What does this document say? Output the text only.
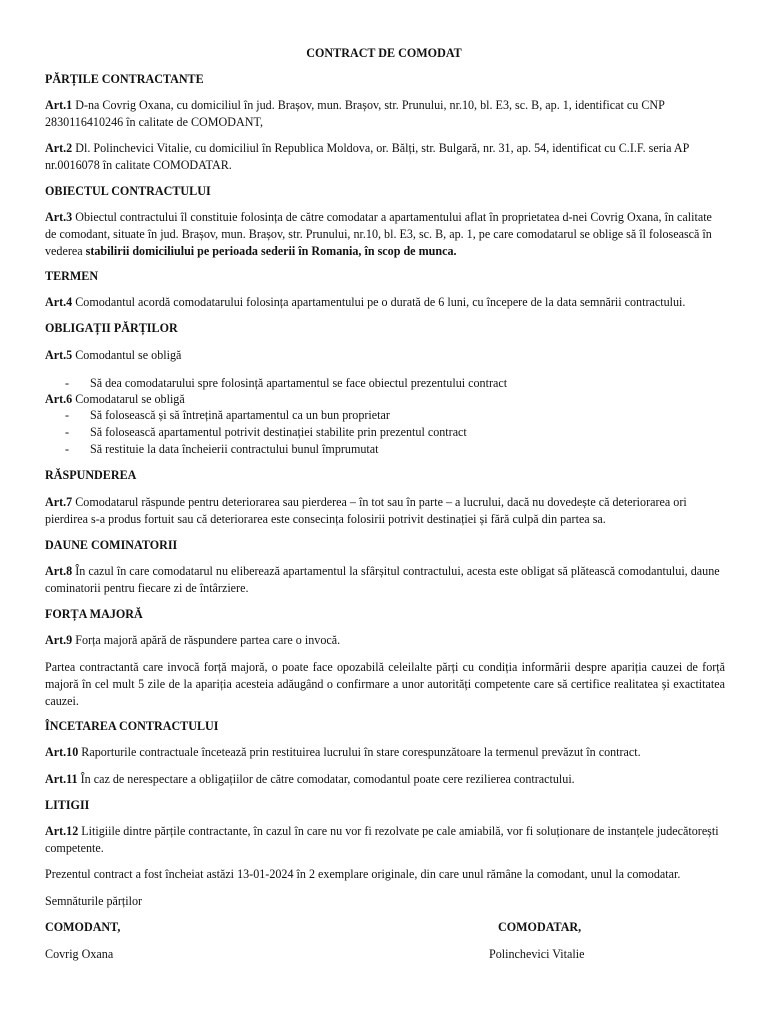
CONTRACT DE COMODAT

PĂRȚILE CONTRACTANTE

Art.1 D-na Covrig Oxana, cu domiciliul în jud. Brașov, mun. Brașov, str. Prunului, nr.10, bl. E3, sc. B, ap. 1, identificat cu CNP 2830116410246 în calitate de COMODANT,

Art.2 Dl. Polinchevici Vitalie, cu domiciliul în Republica Moldova, or. Bălți, str. Bulgară, nr. 31, ap. 54, identificat cu C.I.F. seria AP nr.0016078 în calitate COMODATAR.

OBIECTUL CONTRACTULUI

Art.3 Obiectul contractului îl constituie folosința de către comodatar a apartamentului aflat în proprietatea d-nei Covrig Oxana, în calitate de comodant, situate în jud. Brașov, mun. Brașov, str. Prunului, nr.10, bl. E3, sc. B, ap. 1, pe care comodatarul se oblige să îl folosească în vederea stabilirii domiciliului pe perioada sederii în Romania, în scop de munca.

TERMEN

Art.4 Comodantul acordă comodatarului folosința apartamentului pe o durată de 6 luni, cu începere de la data semnării contractului.

OBLIGAȚII PĂRȚILOR

Art.5 Comodantul se obligă

- Să dea comodatarului spre folosință apartamentul se face obiectul prezentului contract

Art.6 Comodatarul se obligă

- Să folosească și să întrețină apartamentul ca un bun proprietar
- Să folosească apartamentul potrivit destinației stabilite prin prezentul contract
- Să restituie la data încheierii contractului bunul împrumutat

RĂSPUNDEREA

Art.7 Comodatarul răspunde pentru deteriorarea sau pierderea – în tot sau în parte – a lucrului, dacă nu dovedește că deteriorarea ori pierdirea s-a produs fortuit sau că deteriorarea este consecința folosirii potrivit destinației și fără culpă din partea sa.

DAUNE COMINATORII

Art.8 În cazul în care comodatarul nu eliberează apartamentul la sfârșitul contractului, acesta este obligat să plătească comodantului, daune cominatorii pentru fiecare zi de întârziere.

FORȚA MAJORĂ

Art.9 Forța majoră apără de răspundere partea care o invocă.

Partea contractantă care invocă forță majoră, o poate face opozabilă celeilalte părți cu condiția informării despre apariția cauzei de forță majoră în cel mult 5 zile de la apariția acesteia adăugând o confirmare a unor autorități competente care să certifice realitatea și exactitatea cauzei.

ÎNCETAREA CONTRACTULUI

Art.10 Raporturile contractuale încetează prin restituirea lucrului în stare corespunzătoare la termenul prevăzut în contract.

Art.11 În caz de nerespectare a obligațiilor de către comodatar, comodantul poate cere rezilierea contractului.

LITIGII

Art.12 Litigiile dintre părțile contractante, în cazul în care nu vor fi rezolvate pe cale amiabilă, vor fi soluționare de instanțele judecătorești competente.

Prezentul contract a fost încheiat astăzi 13-01-2024 în 2 exemplare originale, din care unul rămâne la comodant, unul la comodatar.

Semnăturile părților

COMODANT,	COMODATAR,

Covrig Oxana	Polinchevici Vitalie
